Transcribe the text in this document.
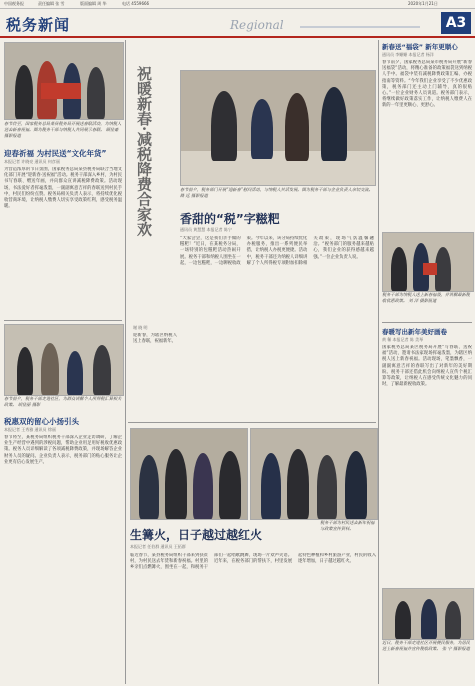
中国税务报	责任编辑 张 雪	版面编辑 周 华	电话 4559666	2020年1月21日
税务新闻	Regional	A3
春节将至，国家税务总局某县税务局开展送春联活动，为纳税人送去新春祝福。图为税务干部与纳税人共同展示春联。 顾佳豪 摄影报道
迎春祈福 为村民送“文化年货”
本报记者 许晓亮 通讯员 何彦丽
为营造浓厚的节日氛围，国家税务总局某县税务局联合当地文化部门开展“迎新春·送祝福”活动。税务干部深入乡村，为村民书写春联、赠送年画，并向群众宣讲减税降费政策。活动现场，书法爱好者挥毫泼墨，一副副寓意吉祥的春联送到村民手中，村民们纷纷点赞。税务局相关负责人表示，将持续优化税收营商环境，让纳税人缴费人切实享受政策红利，感受税务温暖。
春节前夕，税务干部走进社区，为群众讲解个人所得税汇算相关政策。 胡佳丽 摄影
税惠双的留心小扬引头
本报记者 王秀雅 通讯员 徐丽
春节将至，某税务局组织税务干部深入企业走访调研，了解企业生产经营中遇到的涉税问题，帮助企业用足用好税收优惠政策。税务人员详细解读了各项减税降费政策，并现场解答企业财务人员的疑问。企业负责人表示，税务部门的贴心服务让企业更有信心发展生产。
祝暖新春·减税降费合家欢
谢 晓 明
迎新春，为辖区纳税人送上春联，祝福新年。
春节前夕，税务部门开展“迎新春”慰问活动，与纳税人共话发展。图为税务干部与企业负责人亲切交流。 路 远 摄影报道
香甜的“税”字糍粑
通讯员 黄慧慧 本报记者 陈宁
“大家尝尝，这是我们亲手做的糍粑！”近日，在某税务分局，一场特别的包糍粑活动热闹开展。税务干部和纳税人围坐在一起，一边包糍粑，一边聊税收政策。今年以来，该分局持续优化办税服务，推出一系列便民举措，让纳税人办税更便捷。活动中，税务干部还为纳税人详细讲解了个人所得税专项附加扣除相关政策，现场气氛温馨融洽。“税务部门的服务越来越贴心，我们企业的获得感越来越强。”一位企业负责人说。
税务干部为村民送去新年祝福与政策宣传资料。
生篝火，日子越过越红火
本报记者 任伯群 通讯员 王拓群
临近春节，某县税务局组织干部来到扶贫村，为村民送去年货和新春祝福。村里的乡亲们点燃篝火，围坐在一起，和税务干部们一起唱歌跳舞，现场一片欢声笑语。近年来，在税务部门的帮扶下，村里发展起特色种植和乡村旅游产业，村民的收入逐年增加，日子越过越红火。
新春送“福袋” 新年更顺心
通讯员 李姗姗 本报记者 杨洋
春节前夕，国家税务总局某市税务局开展“新春送福袋”活动，将精心准备的政策福袋送到纳税人手中。福袋中装有减税降费政策汇编、办税指南等资料。“今年我们企业享受了不少优惠政策，税务部门还主动上门辅导，真的很贴心。”一位企业财务人员说道。税务部门表示，将继续做好政策落实工作，让纳税人缴费人在新的一年里更顺心、更舒心。
税务干部为纳税人送上新春福袋，并讲解最新税收优惠政策。 刘 洋 摄影报道
春暖写出新年美好画卷
黄 稀 本报记者 陈 美琴
国家税务总局某区税务局开展“写春联、送祝福”活动，邀请书法家现场挥毫泼墨，为辖区纳税人送上新春祝福。活动现场，笔墨飘香，一副副寓意吉祥的春联写出了对新年的美好期盼。税务干部还借此机会向纳税人宣传个税汇算等政策，让纳税人在感受传统文化魅力的同时，了解最新税收政策。
近日，税务干部走进社区开展便民服务，为居民送上新春祝福并宣传税收政策。 张 宁 摄影报道
